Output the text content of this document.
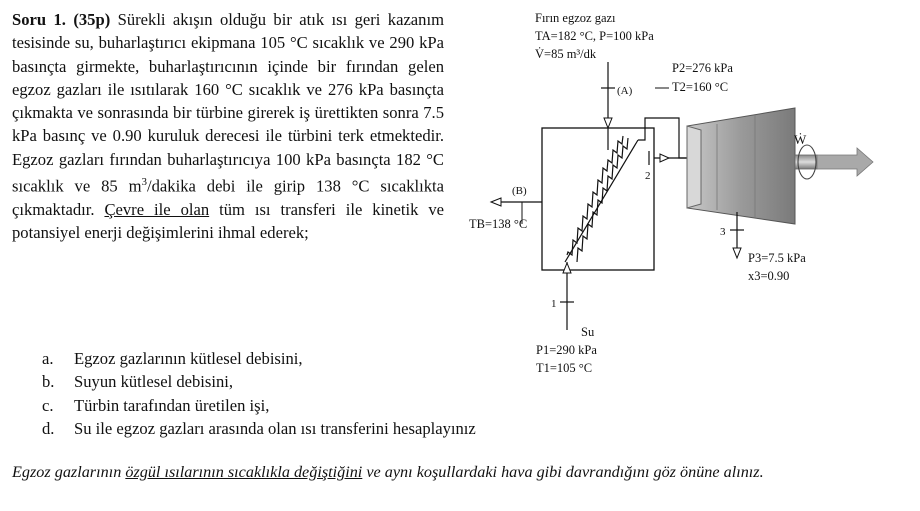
Soru 1. (35p) Sürekli akışın olduğu bir atık ısı geri kazanım tesisinde su, buharlaştırıcı ekipmana 105 °C sıcaklık ve 290 kPa basınçta girmekte, buharlaştırıcının içinde bir fırından gelen egzoz gazları ile ısıtılarak 160 °C sıcaklık ve 276 kPa basınçta çıkmakta ve sonrasında bir türbine girerek iş ürettikten sonra 7.5 kPa basınç ve 0.90 kuruluk derecesi ile türbini terk etmektedir. Egzoz gazları fırından buharlaştırıcıya 100 kPa basınçta 182 °C sıcaklık ve 85 $m^3$/dakika debi ile girip 138 °C sıcaklıkta çıkmaktadır. Çevre ile olan tüm ısı transferi ile kinetik ve potansiyel enerji değişimlerini ihmal ederek;
a. Egzoz gazlarının kütlesel debisini,
b. Suyun kütlesel debisini,
c. Türbin tarafından üretilen işi,
d. Su ile egzoz gazları arasında olan ısı transferini hesaplayınız
Egzoz gazlarının özgül ısılarının sıcaklıkla değiştiğini ve aynı koşullardaki hava gibi davrandığını göz önüne alınız.
Fırın egzoz gazı
TA=182 °C, P=100 kPa
V̇=85 m³/dk
(A)
1
2
P2=276 kPa
T2=160 °C
(B)
TB=138 °C
Ẇ
3
P3=7.5 kPa
x3=0.90
Su
P1=290 kPa
T1=105 °C
